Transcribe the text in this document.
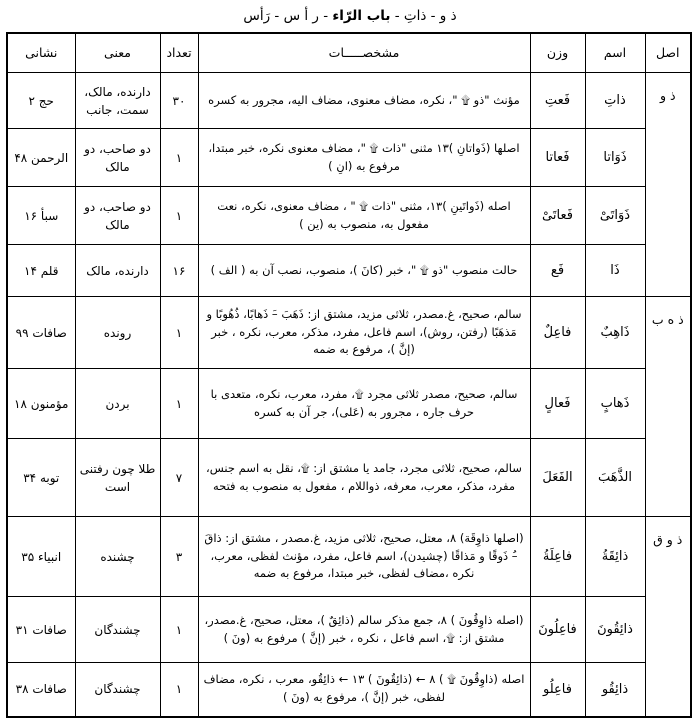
ذ و - ذاتِ - باب الرّاء - ر أ س - رَأس
اصل	اسم	وزن	مشخصـــــات	تعداد	معنی	نشانی
ذ و	ذاتِ	فَعتِ	مؤنث "ذو ۩ "، نکره، مضاف معنوی، مضاف الیه، مجرور به کسره	۳۰	دارنده، مالک، سمت، جانب	حج ۲
	ذَوَاتا	فَعاتا	اصلها (ذَواتانِ )۱۳ مثنی "ذات ۩ "، مضاف معنوی نکره، خبر مبتدا، مرفوع به (انِ )	۱	دو صاحب، دو مالک	الرحمن ۴۸
	ذَوَاتَیْ	فَعاتَیْ	اصله (ذَواتَینِ )۱۳، مثنی "ذات ۩ " ، مضاف معنوی، نکره، نعت مفعول به، منصوب به (ین )	۱	دو صاحب، دو مالک	سبأ ۱۶
	ذَا	فَع	حالت منصوب "ذو ۩ "، خبر (کانَ )، منصوب، نصب آن به ( الف )	۱۶	دارنده، مالک	قلم ۱۴
ذ ه ب	ذَاهِبٌ	فاعِلٌ	سالم، صحیح، غ.مصدر، ثلاثی مزید، مشتق از: ذَهَبَ –َ ذَهابًا، ذُهُوبًا و مَذهَبًا (رفتن، روش)، اسم فاعل، مفرد، مذکر، معرب، نکره ، خبر (إنَّ )، مرفوع به ضمه	۱	رونده	صافات ۹۹
	ذَهابٍ	فَعالٍ	سالم، صحیح، مصدر ثلاثی مجرد ۩، مفرد، معرب، نکره، متعدی با حرف جاره ، مجرور به (عَلی)، جر آن به کسره	۱	بردن	مؤمنون ۱۸
	الذَّهَبَ	الفَعَلَ	سالم، صحیح، ثلاثی مجرد، جامد یا مشتق از: ۩، نقل به اسم جنس، مفرد، مذکر، معرب، معرفه، ذواللام ، مفعول به منصوب به فتحه	۷	طلا چون رفتنی است	توبه ۳۴
ذ و ق	ذائِقَةُ	فاعِلَةُ	(اصلها ذاوِقَة) ۸، معتل، صحیح، ثلاثی مزید، غ.مصدر ، مشتق از: ذاقَ –ُ ذَوقًا و مَذاقًا (چشیدن)، اسم فاعل، مفرد، مؤنث لفظی، معرب، نکره ،مضاف لفظی، خبر مبتدا، مرفوع به ضمه	۳	چشنده	انبیاء ۳۵
	ذائِقُونَ	فاعِلُونَ	(اصله ذاوِقُونَ ) ۸، جمع مذکر سالم (ذائِقٌ )، معتل، صحیح، غ.مصدر، مشتق از: ۩، اسم فاعل ، نکره ، خبر (إنَّ ) مرفوع به (ونَ )	۱	چشندگان	صافات ۳۱
	ذائِقُو	فاعِلُو	اصله (ذاوِقُونَ ۩ ) ۸ ← (ذائِقُونَ ) ۱۳ ← ذائِقُو، معرب ، نکره، مضاف لفظی، خبر (إنَّ )، مرفوع به (ونَ )	۱	چشندگان	صافات ۳۸
